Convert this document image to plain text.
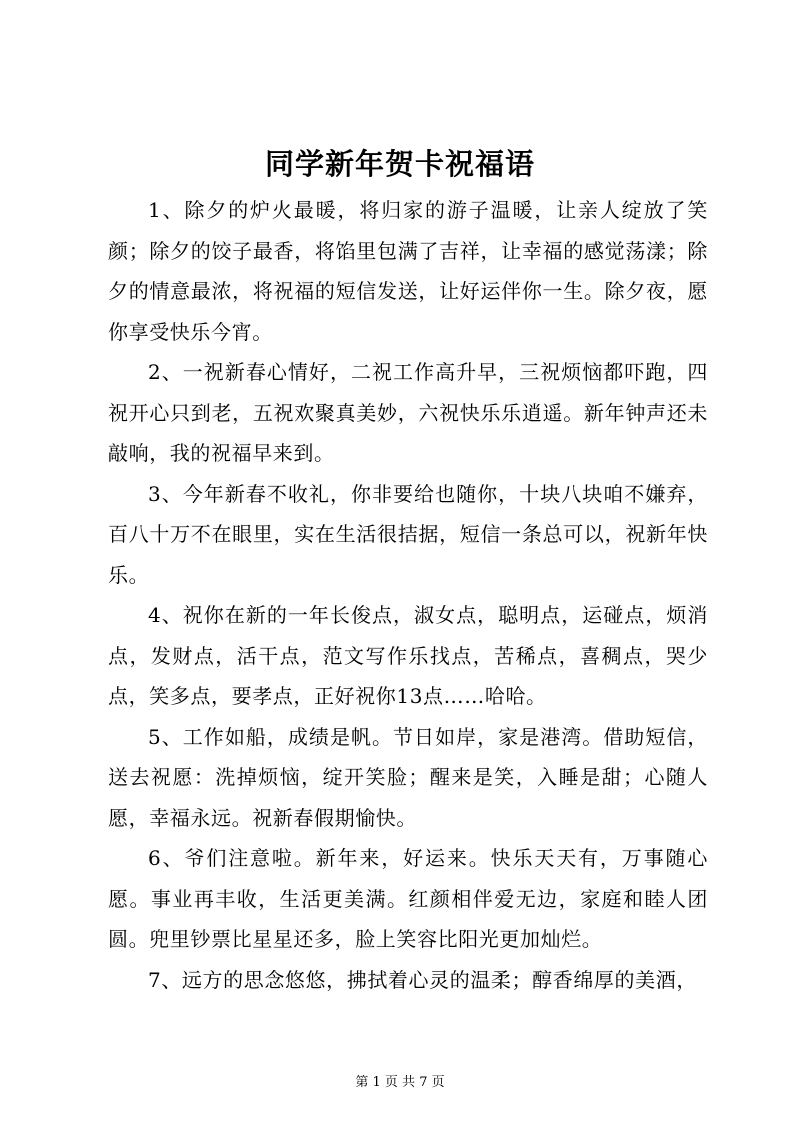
同学新年贺卡祝福语

1、除夕的炉火最暖，将归家的游子温暖，让亲人绽放了笑颜；除夕的饺子最香，将馅里包满了吉祥，让幸福的感觉荡漾；除夕的情意最浓，将祝福的短信发送，让好运伴你一生。除夕夜，愿你享受快乐今宵。

2、一祝新春心情好，二祝工作高升早，三祝烦恼都吓跑，四祝开心只到老，五祝欢聚真美妙，六祝快乐乐逍遥。新年钟声还未敲响，我的祝福早来到。

3、今年新春不收礼，你非要给也随你，十块八块咱不嫌弃，百八十万不在眼里，实在生活很拮据，短信一条总可以，祝新年快乐。

4、祝你在新的一年长俊点，淑女点，聪明点，运碰点，烦消点，发财点，活干点，范文写作乐找点，苦稀点，喜稠点，哭少点，笑多点，要孝点，正好祝你13点……哈哈。

5、工作如船，成绩是帆。节日如岸，家是港湾。借助短信，送去祝愿：洗掉烦恼，绽开笑脸；醒来是笑，入睡是甜；心随人愿，幸福永远。祝新春假期愉快。

6、爷们注意啦。新年来，好运来。快乐天天有，万事随心愿。事业再丰收，生活更美满。红颜相伴爱无边，家庭和睦人团圆。兜里钞票比星星还多，脸上笑容比阳光更加灿烂。

7、远方的思念悠悠，拂拭着心灵的温柔；醇香绵厚的美酒，

第 1 页 共 7 页
